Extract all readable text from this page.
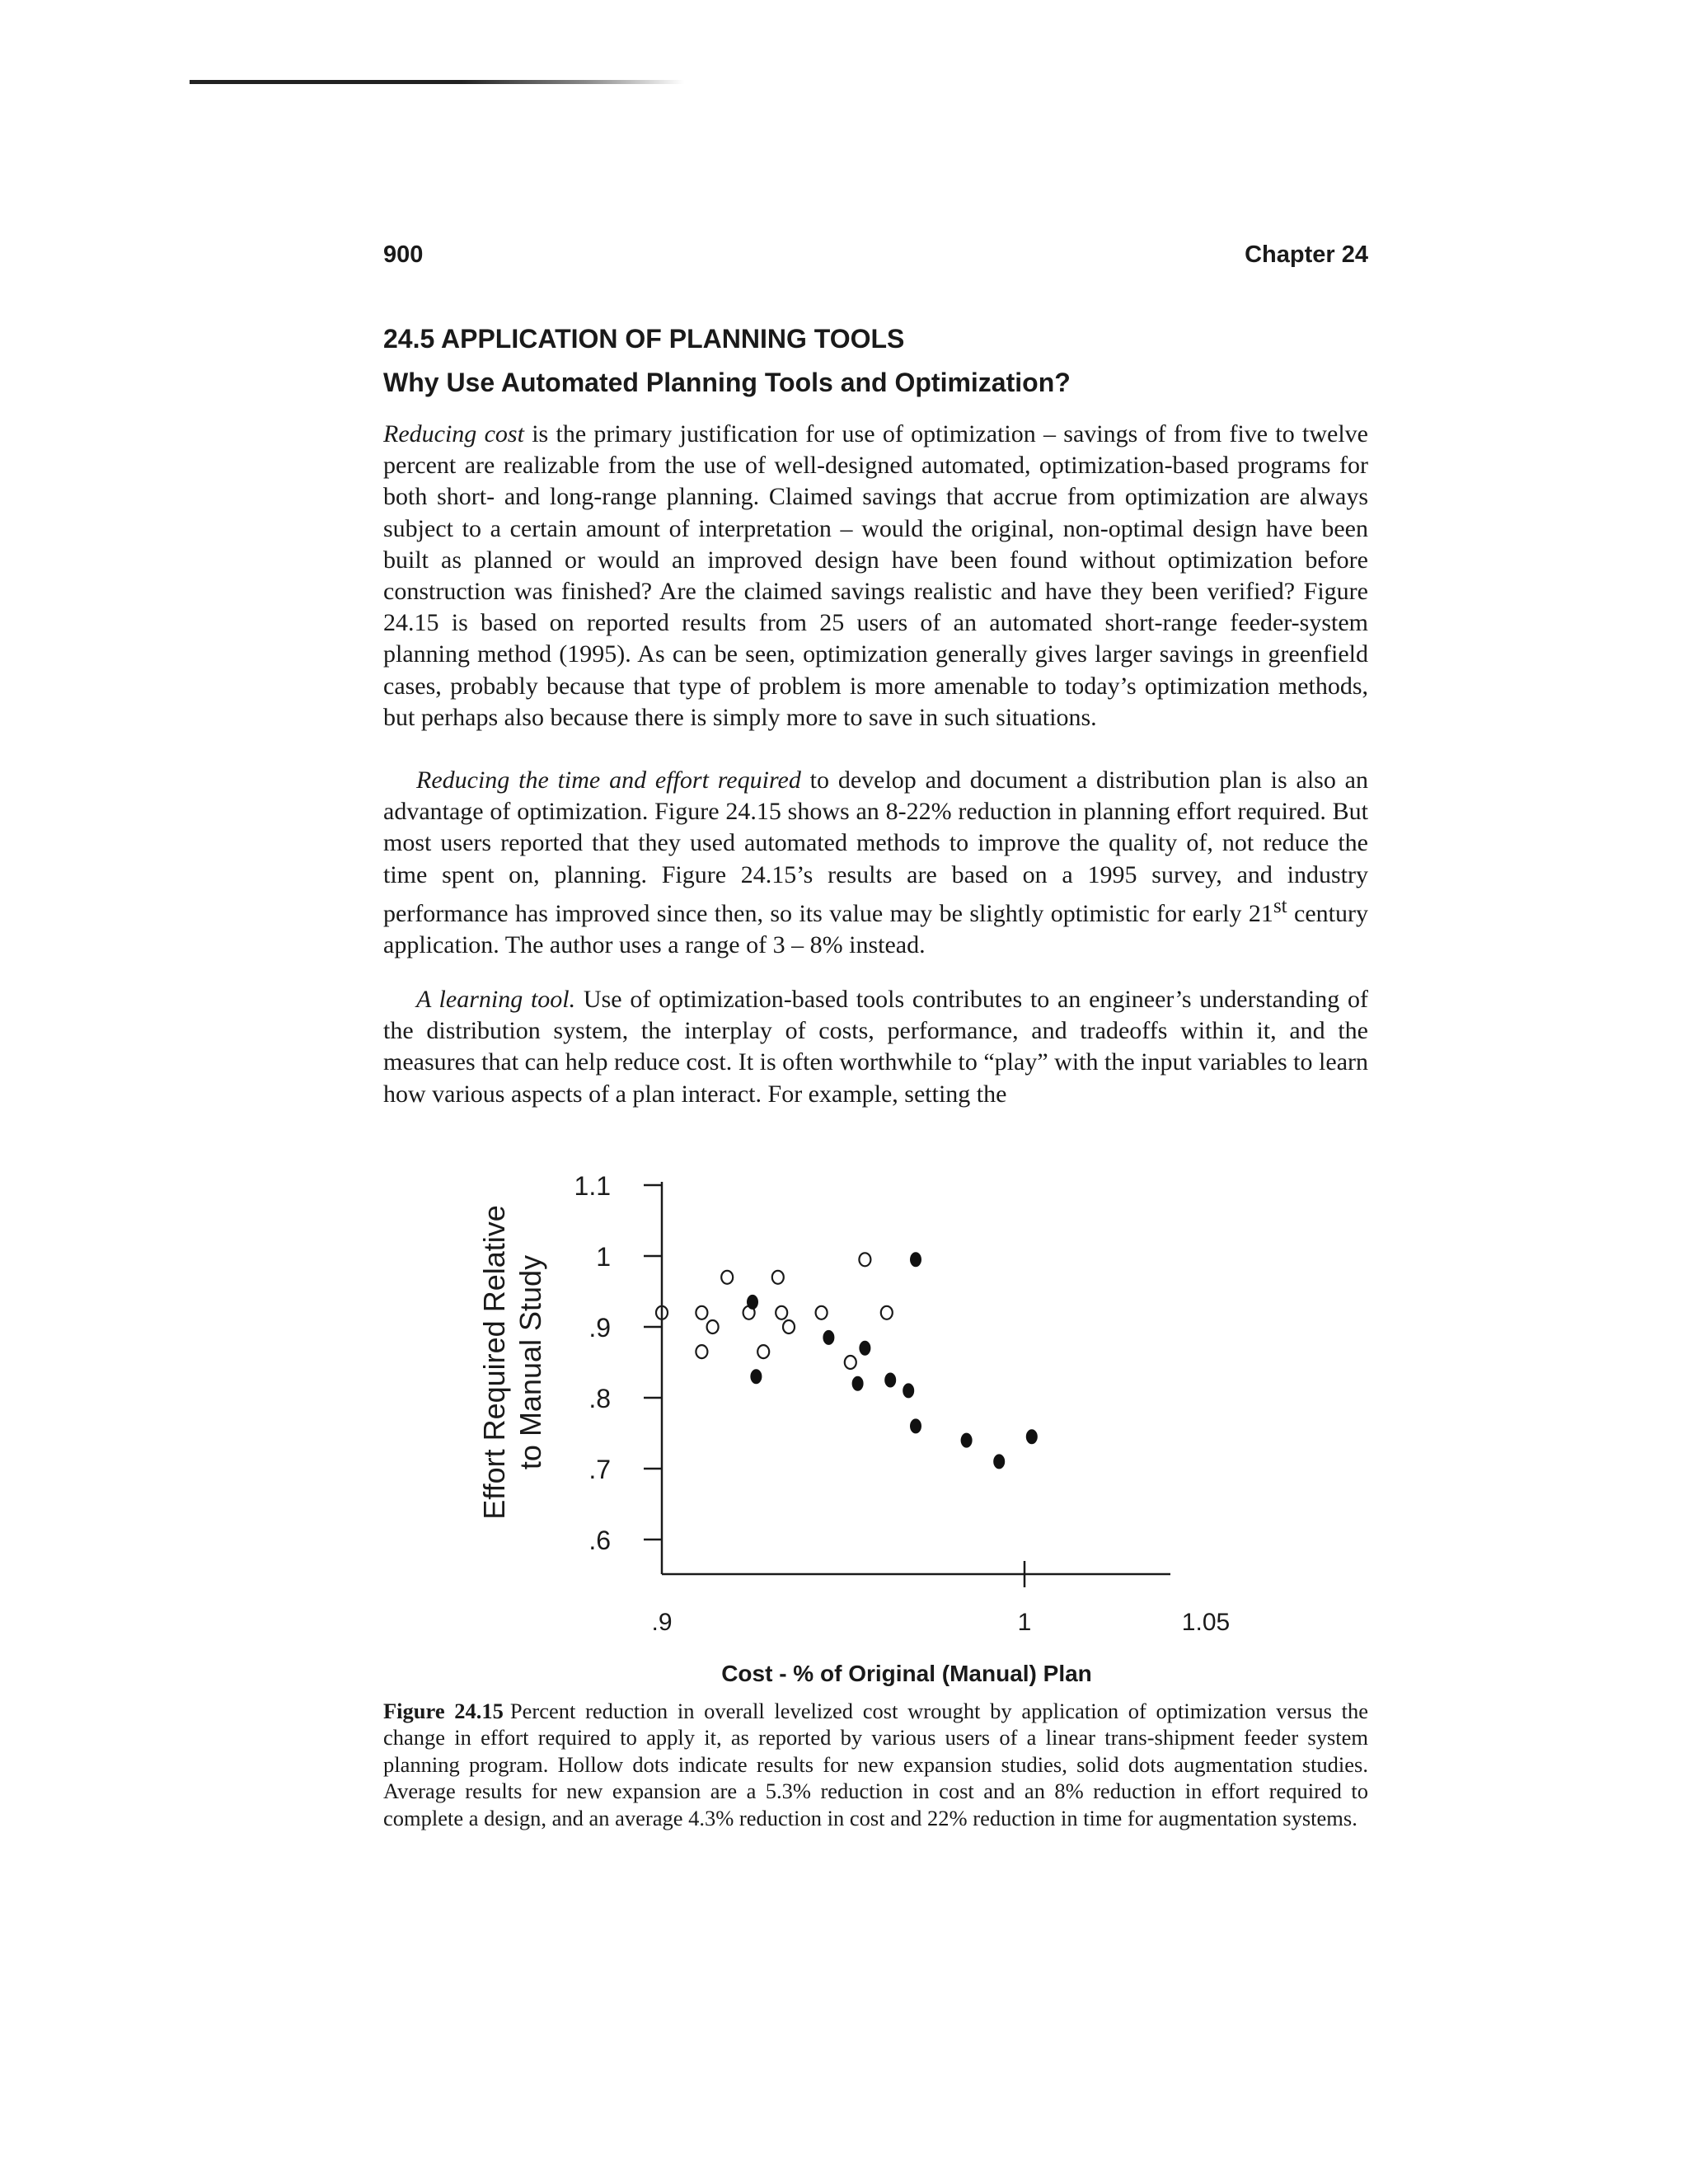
900	Chapter 24
24.5 APPLICATION OF PLANNING TOOLS
Why Use Automated Planning Tools and Optimization?

Reducing cost is the primary justification for use of optimization – savings of from five to twelve percent are realizable from the use of well-designed automated, optimization-based programs for both short- and long-range planning. Claimed savings that accrue from optimization are always subject to a certain amount of interpretation – would the original, non-optimal design have been built as planned or would an improved design have been found without optimization before construction was finished? Are the claimed savings realistic and have they been verified? Figure 24.15 is based on reported results from 25 users of an automated short-range feeder-system planning method (1995). As can be seen, optimization generally gives larger savings in greenfield cases, probably because that type of problem is more amenable to today’s optimization methods, but perhaps also because there is simply more to save in such situations.

Reducing the time and effort required to develop and document a distribution plan is also an advantage of optimization. Figure 24.15 shows an 8-22% reduction in planning effort required. But most users reported that they used automated methods to improve the quality of, not reduce the time spent on, planning. Figure 24.15’s results are based on a 1995 survey, and industry performance has improved since then, so its value may be slightly optimistic for early 21st century application. The author uses a range of 3 – 8% instead.

A learning tool. Use of optimization-based tools contributes to an engineer’s understanding of the distribution system, the interplay of costs, performance, and tradeoffs within it, and the measures that can help reduce cost. It is often worthwhile to “play” with the input variables to learn how various aspects of a plan interact. For example, setting the

Effort Required Relative to Manual Study
1.1
1
.9
.8
.7
.6
.9	1	1.05
Cost - % of Original (Manual) Plan
Figure 24.15 Percent reduction in overall levelized cost wrought by application of optimization versus the change in effort required to apply it, as reported by various users of a linear trans-shipment feeder system planning program. Hollow dots indicate results for new expansion studies, solid dots augmentation studies. Average results for new expansion are a 5.3% reduction in cost and an 8% reduction in effort required to complete a design, and an average 4.3% reduction in cost and 22% reduction in time for augmentation systems.
